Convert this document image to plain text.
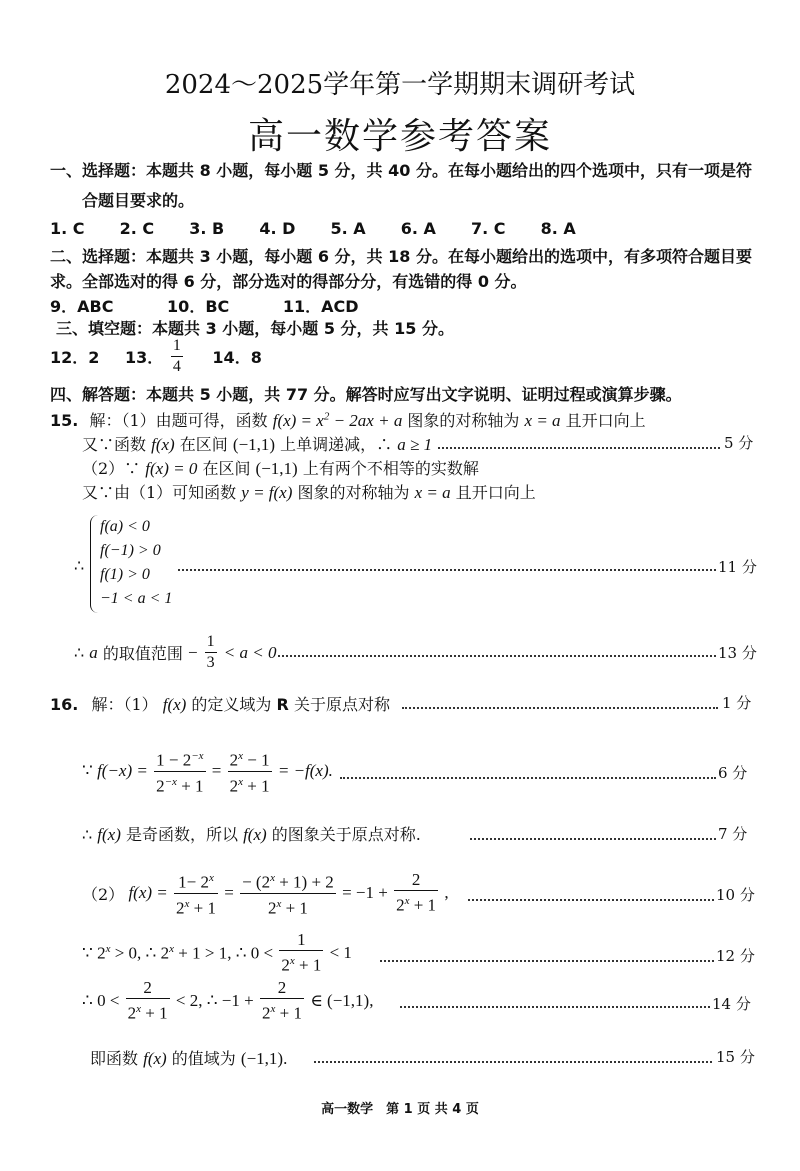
2024～2025学年第一学期期末调研考试
高一数学参考答案
一、选择题：本题共 8 小题，每小题 5 分，共 40 分。在每小题给出的四个选项中，只有一项是符
合题目要求的。
1. C 2. C 3. B 4. D 5. A 6. A 7. C 8. A
二、选择题：本题共 3 小题，每小题 6 分，共 18 分。在每小题给出的选项中，有多项符合题目要
求。全部选对的得 6 分，部分选对的得部分分，有选错的得 0 分。
9．ABC	10．BC	11．ACD
三、填空题：本题共 3 小题，每小题 5 分，共 15 分。
12．2 13． $\frac{1}{4} 14$．8
四、解答题：本题共 5 小题，共 77 分。解答时应写出文字说明、证明过程或演算步骤。
15. 解：（1）由题可得，函数 $f(x) = x^2 - 2ax + a$ 图象的对称轴为 x = a 且开口向上
又∵函数 f(x) 在区间 (−1,1) 上单调递减，∴ a ≥ 1	5 分
（2）∵ f(x) = 0 在区间 (−1,1) 上有两个不相等的实数解
又∵由（1）可知函数 y = f(x) 图象的对称轴为 x = a 且开口向上
∴
f(a) < 0
f(−1) > 0
f(1) > 0
−1 < a < 1
11 分
∴ a 的取值范围 − $\frac{1}{3} < a < 0$	13 分
16. 解：（1） f(x) 的定义域为 R 关于原点对称	1 分
∵ $f(-x) = \frac{1 - 2^{-x}}{2^{-x} + 1} = \frac{2^x - 1}{2^x + 1} = -f(x)$.	6 分
∴ f(x) 是奇函数，所以 f(x) 的图象关于原点对称.	7 分
（2） $f(x) = \frac{1- 2^x}{2^x + 1} = \frac{- (2^x + 1) + 2}{2^x + 1} = -1 + \frac{2}{2^x + 1}$ ,	10 分
∵ $2^x > 0$, ∴ $2^x + 1 > 1$, ∴ $0 < \frac{1}{2^x + 1} < 1$	12 分
∴ $0 < \frac{2}{2^x + 1} < 2$, ∴ $-1 + \frac{2}{2^x + 1}$ ∈ (−1,1),	14 分
即函数 f(x) 的值域为 (−1,1).	15 分
高一数学　第 1 页 共 4 页
